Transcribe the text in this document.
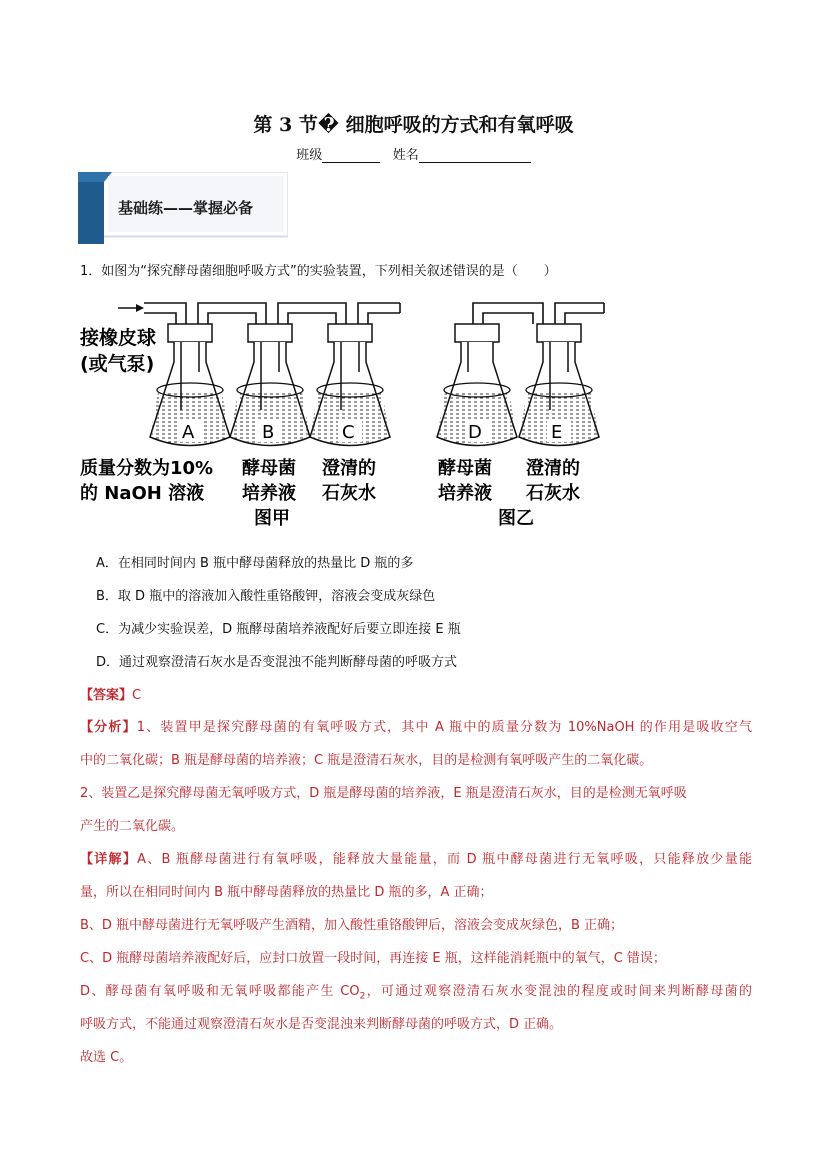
第 3 节� 细胞呼吸的方式和有氧呼吸
班级	姓名
基础练——掌握必备
1．如图为“探究酵母菌细胞呼吸方式”的实验装置，下列相关叙述错误的是（　　）
接橡皮球
(或气泵)
A	B	C	D	E
质量分数为10%
的 NaOH 溶液
酵母菌
培养液
澄清的
石灰水
图甲
酵母菌
培养液
澄清的
石灰水
图乙
A．在相同时间内 B 瓶中酵母菌释放的热量比 D 瓶的多
B．取 D 瓶中的溶液加入酸性重铬酸钾，溶液会变成灰绿色
C．为减少实验误差，D 瓶酵母菌培养液配好后要立即连接 E 瓶
D．通过观察澄清石灰水是否变混浊不能判断酵母菌的呼吸方式
【答案】C
【分析】1、装置甲是探究酵母菌的有氧呼吸方式，其中 A 瓶中的质量分数为 10%NaOH 的作用是吸收空气
中的二氧化碳；B 瓶是酵母菌的培养液；C 瓶是澄清石灰水，目的是检测有氧呼吸产生的二氧化碳。
2、装置乙是探究酵母菌无氧呼吸方式，D 瓶是酵母菌的培养液，E 瓶是澄清石灰水，目的是检测无氧呼吸
产生的二氧化碳。
【详解】A、B 瓶酵母菌进行有氧呼吸，能释放大量能量，而 D 瓶中酵母菌进行无氧呼吸，只能释放少量能
量，所以在相同时间内 B 瓶中酵母菌释放的热量比 D 瓶的多，A 正确；
B、D 瓶中酵母菌进行无氧呼吸产生酒精，加入酸性重铬酸钾后，溶液会变成灰绿色，B 正确；
C、D 瓶酵母菌培养液配好后，应封口放置一段时间，再连接 E 瓶，这样能消耗瓶中的氧气，C 错误；
D、酵母菌有氧呼吸和无氧呼吸都能产生 $CO_2$，可通过观察澄清石灰水变混浊的程度或时间来判断酵母菌的
呼吸方式，不能通过观察澄清石灰水是否变混浊来判断酵母菌的呼吸方式，D 正确。
故选 C。
